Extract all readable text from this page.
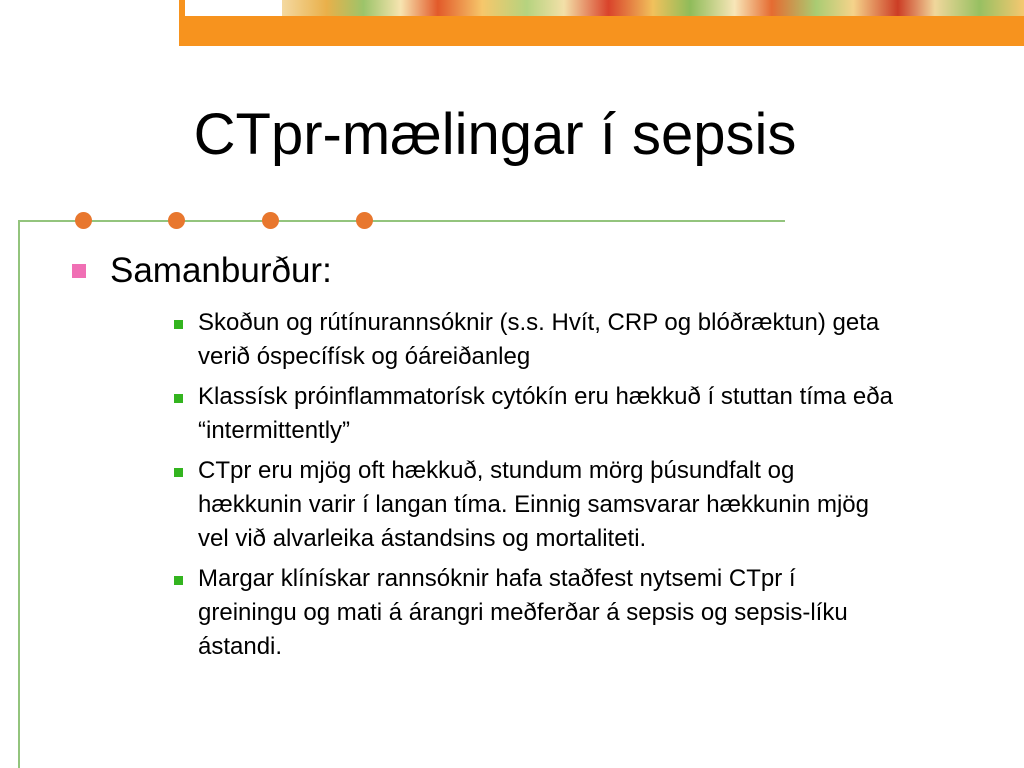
CTpr-mælingar í sepsis
Samanburður:
Skoðun og rútínurannsóknir (s.s. Hvít, CRP og blóðræktun) geta verið óspecífísk og óáreiðanleg
Klassísk próinflammatorísk cytókín eru hækkuð í stuttan tíma eða “intermittently”
CTpr eru mjög oft hækkuð, stundum mörg þúsundfalt og hækkunin varir í langan tíma. Einnig samsvarar hækkunin mjög vel við alvarleika ástandsins og mortaliteti.
Margar klínískar rannsóknir hafa staðfest nytsemi CTpr í greiningu og mati á árangri meðferðar á sepsis og sepsis-líku ástandi.
